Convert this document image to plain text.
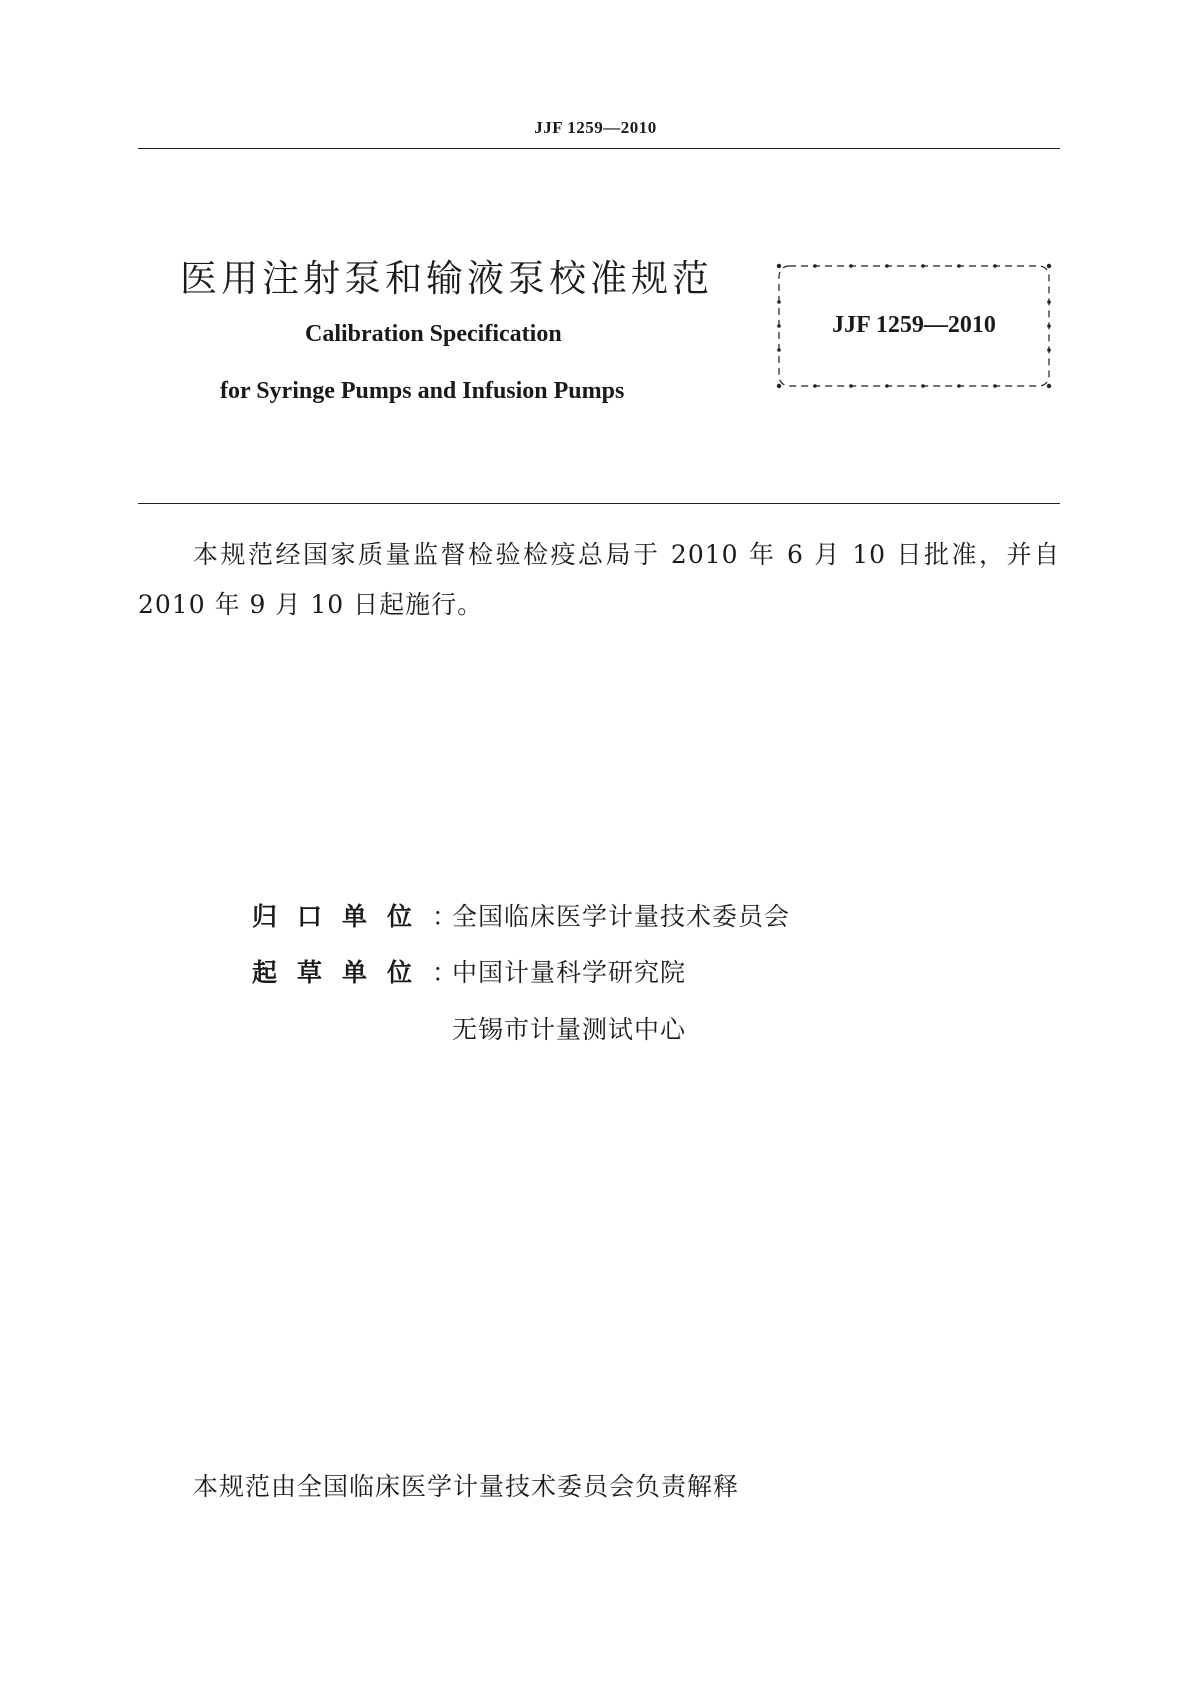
JJF 1259—2010
医用注射泵和输液泵校准规范
Calibration Specification
for Syringe Pumps and Infusion Pumps
JJF 1259—2010
本规范经国家质量监督检验检疫总局于 2010 年 6 月 10 日批准，并自 2010 年 9 月 10 日起施行。
归口单位：全国临床医学计量技术委员会
起草单位：中国计量科学研究院
无锡市计量测试中心
本规范由全国临床医学计量技术委员会负责解释
